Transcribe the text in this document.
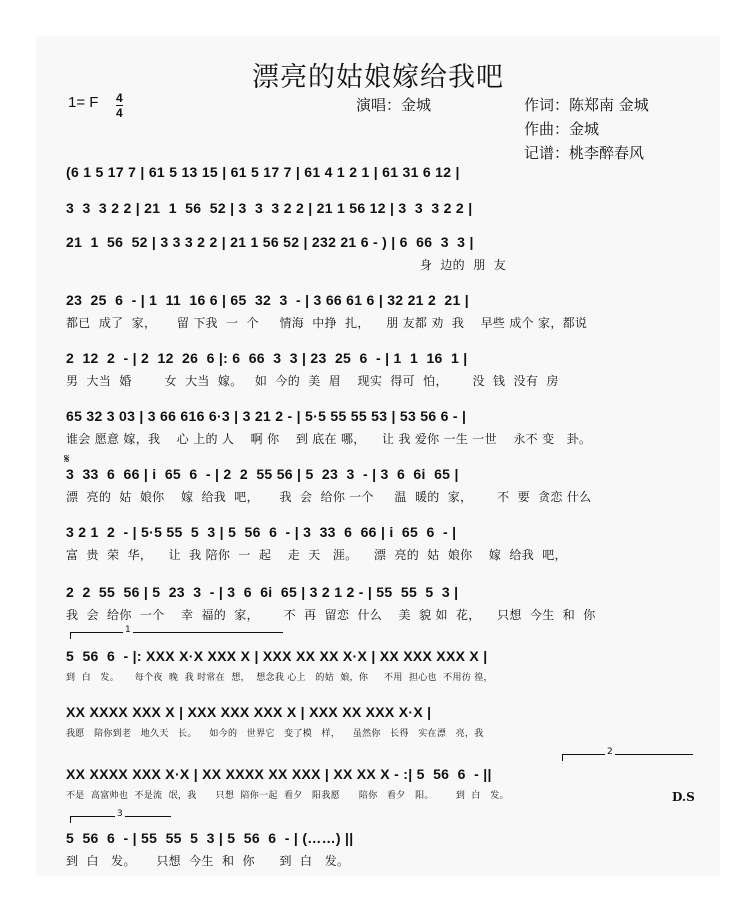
漂亮的姑娘嫁给我吧
1= F 4
4	演唱：金城	作词：陈郑南 金城
作曲：金城
记谱：桃李醉春风
(6 1 5 17 7 | 61 5 13 15 | 61 5 17 7 | 61 4 1 2 1 | 61 31 6 12 |
3  3  3 2 2 | 21  1  56  52 | 3  3  3 2 2 | 21 1 56 12 | 3  3  3 2 2 |
21  1  56  52 | 3 3 3 2 2 | 21 1 56 52 | 232 21 6 - ) | 6  66  3  3 |
身  边的  朋  友
23  25  6  - | 1  11  16 6 | 65  32  3  - | 3 66 61 6 | 32 21 2  21 |
都已  成了  家，     留 下我  一  个     情海  中挣  扎，    朋 友都 劝  我    早些 成个 家，都说
2  12  2  - | 2  12  26  6 |: 6  66  3  3 | 23  25  6  - | 1  1  16  1 |
男  大当  婚        女  大当  嫁。   如  今的  美  眉    现实  得可  怕，      没  钱  没有  房
65 32 3 03 | 3 66 616 6·3 | 3 21 2 - | 5·5 55 55 53 | 53 56 6 - |
谁会 愿意 嫁，我    心 上的 人    啊 你    到 底在 哪，    让 我 爱你 一生 一世    永不 变   卦。
𝄋
3  33  6  66 | i  65  6  - | 2  2  55 56 | 5  23  3  - | 3  6  6i  65 |
漂  亮的  姑  娘你    嫁  给我  吧，     我  会  给你 一个     温  暖的  家，      不  要  贪恋 什么
3 2 1  2  - | 5·5 55  5  3 | 5  56  6  - | 3  33  6  66 | i  65  6  - |
富  贵  荣  华，    让  我 陪你  一  起    走  天   涯。    漂  亮的  姑  娘你    嫁  给我  吧，
2  2  55  56 | 5  23  3  - | 3  6  6i  65 | 3 2 1 2 - | 55  55  5  3 |
我  会  给你  一个    幸  福的  家，      不  再  留恋  什么    美  貌 如  花，    只想  今生  和  你
1
5  56  6  - |: XXX X·X XXX X | XXX XX XX X·X | XX XXX XXX X |
到  白   发。     每个夜  晚  我 时常在  想，  想念我 心上   的姑  娘，你     不用  担心也  不用彷 徨，
XX XXXX XXX X | XXX XXX XXX X | XXX XX XXX X·X |
我愿   陪你到老   地久天   长。    如今的   世界它   变了模   样，    虽然你   长得   实在漂   亮，我
2
XX XXXX XXX X·X | XX XXXX XX XXX | XX XX X - :| 5  56  6  - ||
不是  高富帅也  不是流  氓，我      只想  陪你一起  看夕   阳我愿      陪你   看夕   阳。       到  白   发。	D.S
3
5  56  6  - | 55  55  5  3 | 5  56  6  - | (……) ||
到  白   发。     只想  今生  和  你      到  白   发。
